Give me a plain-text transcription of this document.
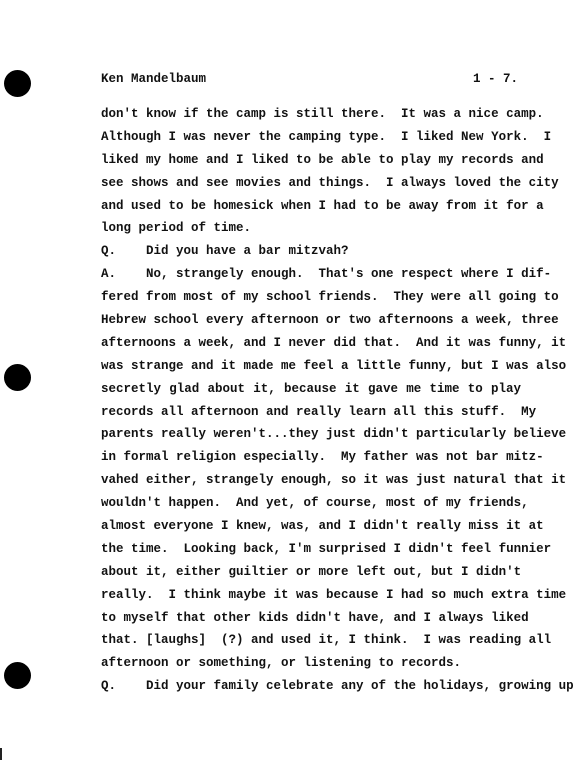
Ken Mandelbaum	1 - 7.
don't know if the camp is still there.  It was a nice camp.
Although I was never the camping type.  I liked New York.  I
liked my home and I liked to be able to play my records and
see shows and see movies and things.  I always loved the city
and used to be homesick when I had to be away from it for a
long period of time.
Q.    Did you have a bar mitzvah?
A.    No, strangely enough.  That's one respect where I dif-
fered from most of my school friends.  They were all going to
Hebrew school every afternoon or two afternoons a week, three
afternoons a week, and I never did that.  And it was funny, it
was strange and it made me feel a little funny, but I was also
secretly glad about it, because it gave me time to play
records all afternoon and really learn all this stuff.  My
parents really weren't...they just didn't particularly believe
in formal religion especially.  My father was not bar mitz-
vahed either, strangely enough, so it was just natural that it
wouldn't happen.  And yet, of course, most of my friends,
almost everyone I knew, was, and I didn't really miss it at
the time.  Looking back, I'm surprised I didn't feel funnier
about it, either guiltier or more left out, but I didn't
really.  I think maybe it was because I had so much extra time
to myself that other kids didn't have, and I always liked
that. [laughs]  (?) and used it, I think.  I was reading all
afternoon or something, or listening to records.
Q.    Did your family celebrate any of the holidays, growing up
